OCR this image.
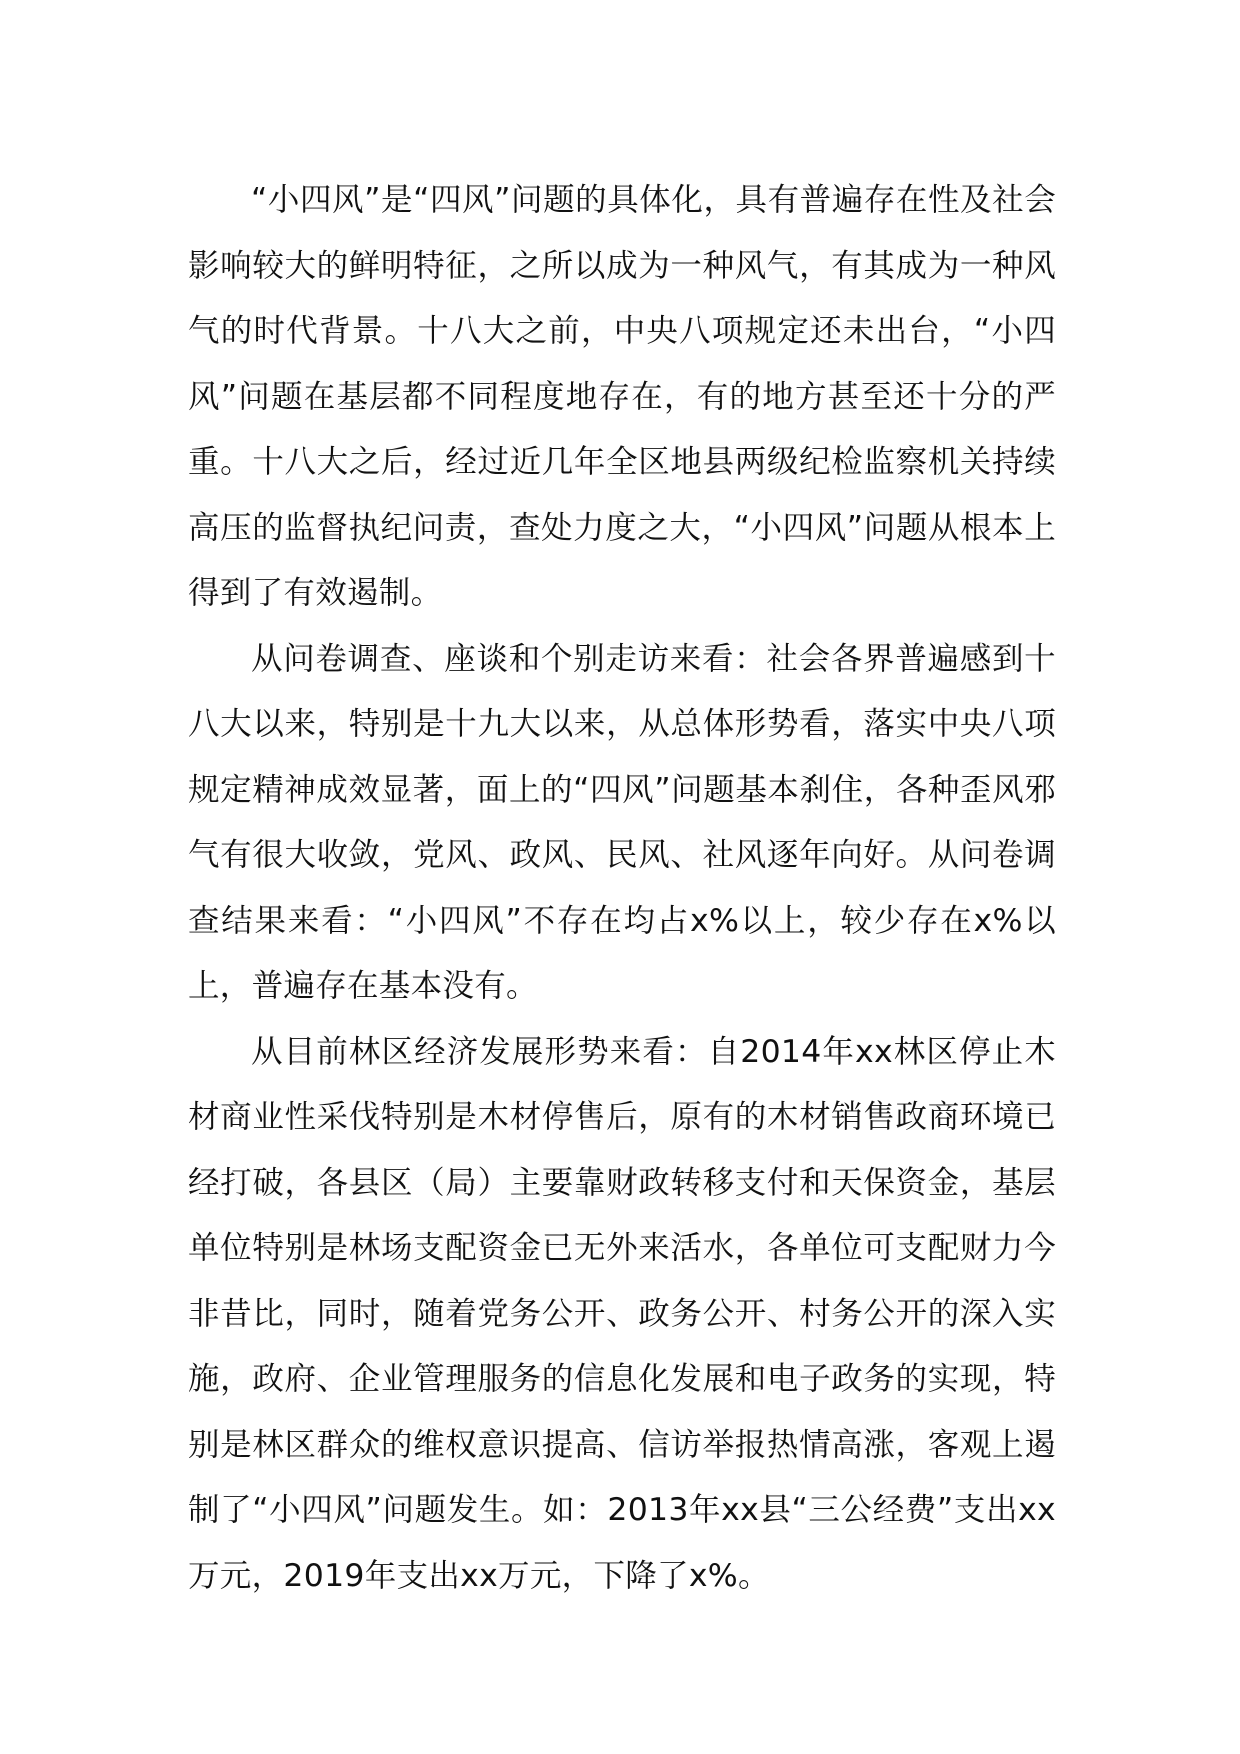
“小四风”是“四风”问题的具体化，具有普遍存在性及社会影响较大的鲜明特征，之所以成为一种风气，有其成为一种风气的时代背景。十八大之前，中央八项规定还未出台，“小四风”问题在基层都不同程度地存在，有的地方甚至还十分的严重。十八大之后，经过近几年全区地县两级纪检监察机关持续高压的监督执纪问责，查处力度之大，“小四风”问题从根本上得到了有效遏制。

从问卷调查、座谈和个别走访来看：社会各界普遍感到十八大以来，特别是十九大以来，从总体形势看，落实中央八项规定精神成效显著，面上的“四风”问题基本刹住，各种歪风邪气有很大收敛，党风、政风、民风、社风逐年向好。从问卷调查结果来看：“小四风”不存在均占x%以上，较少存在x%以上，普遍存在基本没有。

从目前林区经济发展形势来看：自2014年xx林区停止木材商业性采伐特别是木材停售后，原有的木材销售政商环境已经打破，各县区（局）主要靠财政转移支付和天保资金，基层单位特别是林场支配资金已无外来活水，各单位可支配财力今非昔比，同时，随着党务公开、政务公开、村务公开的深入实施，政府、企业管理服务的信息化发展和电子政务的实现，特别是林区群众的维权意识提高、信访举报热情高涨，客观上遏制了“小四风”问题发生。如：2013年xx县“三公经费”支出xx万元，2019年支出xx万元，下降了x%。
